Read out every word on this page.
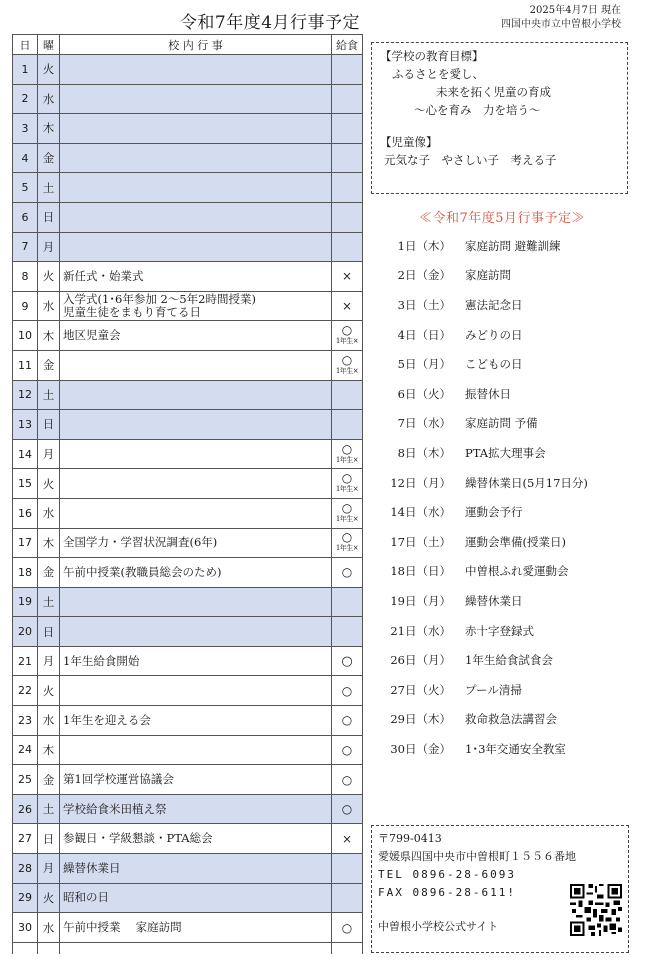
令和7年度4月行事予定
2025年4月7日 現在
四国中央市立中曽根小学校
日	曜	校 内 行 事	給食
1	火	

2	水	

3	木	

4	金	

5	土	

6	日	

7	月	

8	火	新任式・始業式	×
9	水	入学式(1･6年参加 2～5年2時間授業)
児童生徒をまもり育てる日	×
10	木	地区児童会	○
1年生×

11	金		○
1年生×

12	土	

13	日	

14	月		○
1年生×

15	火		○
1年生×

16	水		○
1年生×

17	木	全国学力・学習状況調査(6年)	○
1年生×

18	金	午前中授業(教職員総会のため)	○
19	土	

20	日	

21	月	1年生給食開始	○
22	火		○
23	水	1年生を迎える会	○
24	木		○
25	金	第1回学校運営協議会	○
26	土	学校給食米田植え祭	○
27	日	参観日・学級懇談・PTA総会	×
28	月	繰替休業日	

29	火	昭和の日	

30	水	午前中授業　 家庭訪問	○

【学校の教育目標】
ふるさとを愛し、
未来を拓く児童の育成
～心を育み　力を培う～
【児童像】
元気な子　やさしい子　考える子
≪令和7年度5月行事予定≫
1日（木）	家庭訪問 避難訓練
2日（金）	家庭訪問
3日（土）	憲法記念日
4日（日）	みどりの日
5日（月）	こどもの日
6日（火）	振替休日
7日（水）	家庭訪問 予備
8日（木）	PTA拡大理事会
12日（月）	繰替休業日(5月17日分)
14日（水）	運動会予行
17日（土）	運動会準備(授業日)
18日（日）	中曽根ふれ愛運動会
19日（月）	繰替休業日
21日（水）	赤十字登録式
26日（月）	1年生給食試食会
27日（火）	プール清掃
29日（木）	救命救急法講習会
30日（金）	1･3年交通安全教室
〒799-0413
愛媛県四国中央市中曽根町１５５６番地
TEL 0896-28-6093
FAX 0896-28-611!
中曽根小学校公式サイト
